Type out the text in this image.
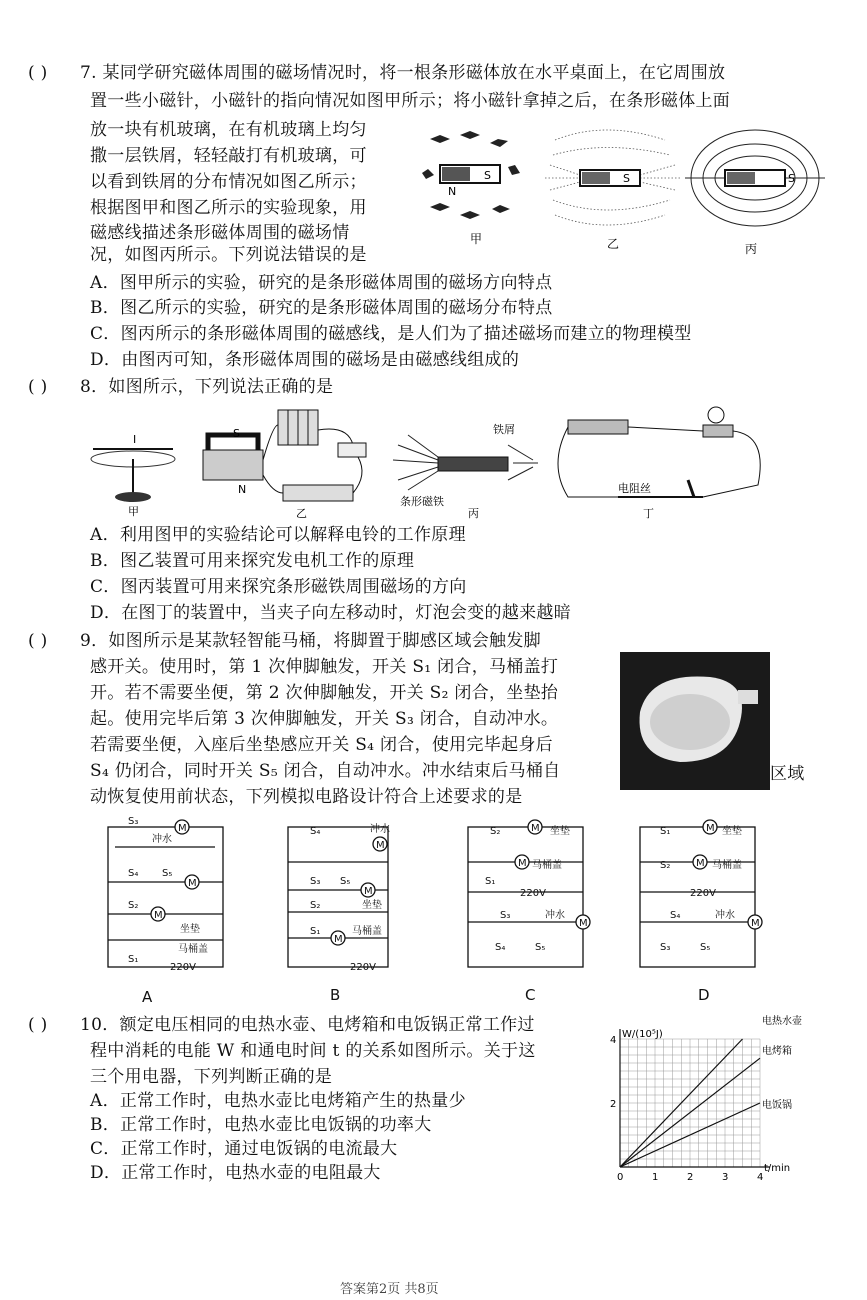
( ) 7. 某同学研究磁体周围的磁场情况时，将一根条形磁体放在水平桌面上，在它周围放
置一些小磁针，小磁针的指向情况如图甲所示；将小磁针拿掉之后，在条形磁体上面
放一块有机玻璃，在有机玻璃上均匀
撒一层铁屑，轻轻敲打有机玻璃，可
以看到铁屑的分布情况如图乙所示；
根据图甲和图乙所示的实验现象，用
磁感线描述条形磁体周围的磁场情
况，如图丙所示。下列说法错误的是
N
S
甲
S
乙
S
丙
A．图甲所示的实验，研究的是条形磁体周围的磁场方向特点
B．图乙所示的实验，研究的是条形磁体周围的磁场分布特点
C．图丙所示的条形磁体周围的磁感线，是人们为了描述磁场而建立的物理模型
D．由图丙可知，条形磁体周围的磁场是由磁感线组成的
( ) 8．如图所示，下列说法正确的是
I
甲
S
N
乙
铁屑
条形磁铁
丙
电阻丝
丁
A．利用图甲的实验结论可以解释电铃的工作原理
B．图乙装置可用来探究发电机工作的原理
C．图丙装置可用来探究条形磁铁周围磁场的方向
D．在图丁的装置中，当夹子向左移动时，灯泡会变的越来越暗
( ) 9．如图所示是某款轻智能马桶，将脚置于脚感区域会触发脚
感开关。使用时，第 1 次伸脚触发，开关 S₁ 闭合，马桶盖打
开。若不需要坐便，第 2 次伸脚触发，开关 S₂ 闭合，坐垫抬
起。使用完毕后第 3 次伸脚触发，开关 S₃ 闭合，自动冲水。
若需要坐便，入座后坐垫感应开关 S₄ 闭合，使用完毕起身后
S₄ 仍闭合，同时开关 S₅ 闭合，自动冲水。冲水结束后马桶自
动恢复使用前状态，下列模拟电路设计符合上述要求的是
区域
M
M
M
M
M
M
M
M
M
M
M
M
S₃
冲水
S₄ S₅
S₂
坐垫
马桶盖
S₁
220V
S₄	冲水
S₃ S₅
S₂	坐垫
S₁	马桶盖
220V
S₂	坐垫
马桶盖
S₁
220V
S₃	冲水
S₄	S₅
S₁	坐垫
S₂	马桶盖
220V
S₄	冲水
S₃	S₅
A	B	C	D
( ) 10．额定电压相同的电热水壶、电烤箱和电饭锅正常工作过
程中消耗的电能 W 和通电时间 t 的关系如图所示。关于这
三个用电器，下列判断正确的是
A．正常工作时，电热水壶比电烤箱产生的热量少
B．正常工作时，电热水壶比电饭锅的功率大
C．正常工作时，通过电饭锅的电流最大
D．正常工作时，电热水壶的电阻最大
电热水壶
电烤箱
电饭锅
0	1	2	3	4
2
4
W/(10⁵J)
t/min
答案第2页 共8页
